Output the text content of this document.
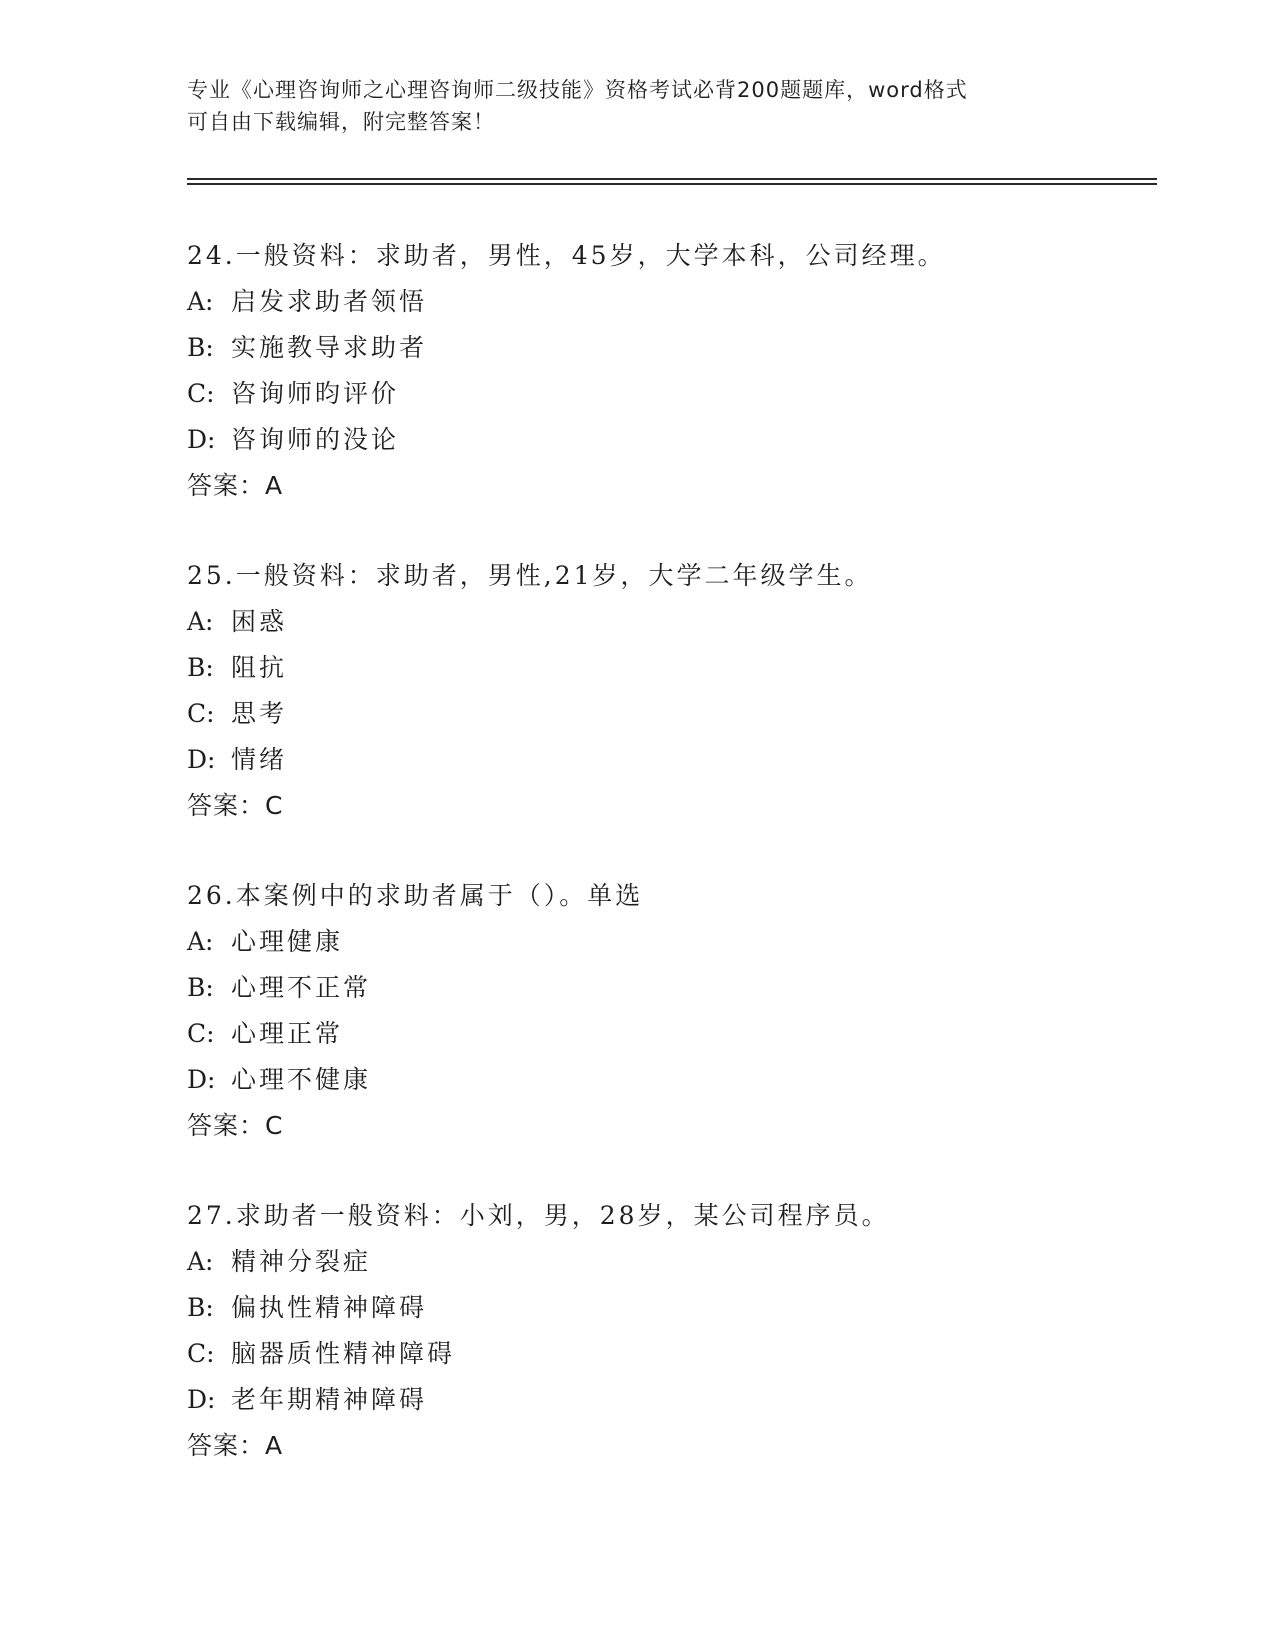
专业《心理咨询师之心理咨询师二级技能》资格考试必背200题题库，word格式
可自由下载编辑，附完整答案！
24.一般资料：求助者，男性，45岁，大学本科，公司经理。
A: 启发求助者领悟
B: 实施教导求助者
C: 咨询师昀评价
D: 咨询师的没论
答案：A
25.一般资料：求助者，男性,21岁，大学二年级学生。
A: 困惑
B: 阻抗
C: 思考
D: 情绪
答案：C
26.本案例中的求助者属于（）。单选
A: 心理健康
B: 心理不正常
C: 心理正常
D: 心理不健康
答案：C
27.求助者一般资料：小刘，男，28岁，某公司程序员。
A: 精神分裂症
B: 偏执性精神障碍
C: 脑器质性精神障碍
D: 老年期精神障碍
答案：A
